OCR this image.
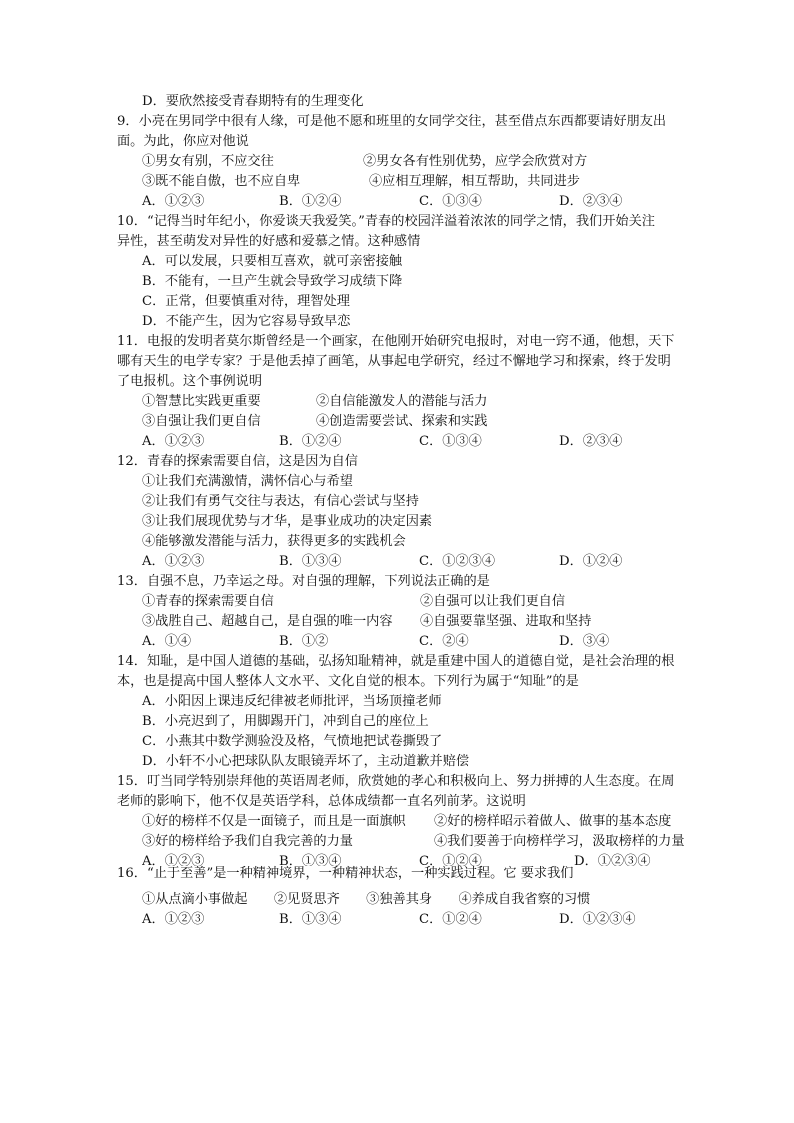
D．要欣然接受青春期特有的生理变化
9．小亮在男同学中很有人缘，可是他不愿和班里的女同学交往，甚至借点东西都要请好朋友出
面。为此，你应对他说
①男女有别，不应交往	②男女各有性别优势，应学会欣赏对方
③既不能自傲，也不应自卑	④应相互理解，相互帮助，共同进步
A．①②③	B．①②④	C．①③④	D．②③④
10．“记得当时年纪小，你爱谈天我爱笑。”青春的校园洋溢着浓浓的同学之情，我们开始关注
异性，甚至萌发对异性的好感和爱慕之情。这种感情
A．可以发展，只要相互喜欢，就可亲密接触
B．不能有，一旦产生就会导致学习成绩下降
C．正常，但要慎重对待，理智处理
D．不能产生，因为它容易导致早恋
11．电报的发明者莫尔斯曾经是一个画家，在他刚开始研究电报时，对电一窍不通，他想，天下
哪有天生的电学专家？于是他丢掉了画笔，从事起电学研究，经过不懈地学习和探索，终于发明
了电报机。这个事例说明
①智慧比实践更重要	②自信能激发人的潜能与活力
③自强让我们更自信	④创造需要尝试、探索和实践
A．①②③	B．①②④	C．①③④	D．②③④
12．青春的探索需要自信，这是因为自信
①让我们充满激情，满怀信心与希望
②让我们有勇气交往与表达，有信心尝试与坚持
③让我们展现优势与才华，是事业成功的决定因素
④能够激发潜能与活力，获得更多的实践机会
A．①②③	B．①③④	C．①②③④	D．①②④
13．自强不息，乃幸运之母。对自强的理解，下列说法正确的是
①青春的探索需要自信	②自强可以让我们更自信
③战胜自己、超越自己，是自强的唯一内容 ④自强要靠坚强、进取和坚持
A．①④	B．①②	C．②④	D．③④
14．知耻，是中国人道德的基础，弘扬知耻精神，就是重建中国人的道德自觉，是社会治理的根
本，也是提高中国人整体人文水平、文化自觉的根本。下列行为属于“知耻”的是
A．小阳因上课违反纪律被老师批评，当场顶撞老师
B．小亮迟到了，用脚踢开门，冲到自己的座位上
C．小燕其中数学测验没及格，气愤地把试卷撕毁了
D．小轩不小心把球队队友眼镜弄坏了，主动道歉并赔偿
15．叮当同学特别崇拜他的英语周老师，欣赏她的孝心和积极向上、努力拼搏的人生态度。在周
老师的影响下，他不仅是英语学科，总体成绩都一直名列前茅。这说明
①好的榜样不仅是一面镜子，而且是一面旗帜 ②好的榜样昭示着做人、做事的基本态度
③好的榜样给予我们自我完善的力量	④我们要善于向榜样学习，汲取榜样的力量
A．①②③	B．①③④	C．①②④	D．①②③④
16．“止于至善”是一种精神境界，一种精神状态，一种实践过程。它 要求我们
①从点滴小事做起　　②见贤思齐　　③独善其身　　④养成自我省察的习惯
A．①②③	B．①③④	C．①②④	D．①②③④
